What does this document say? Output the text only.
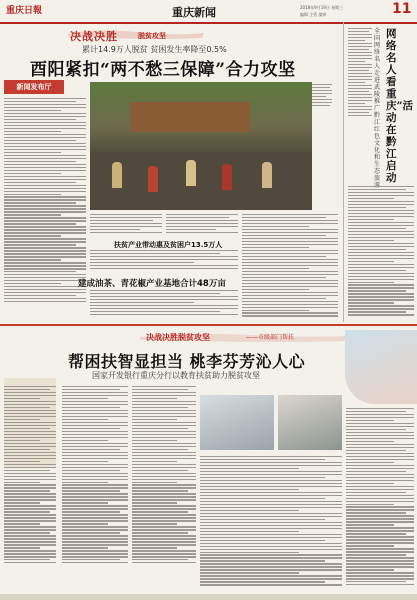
重庆日報	重庆新闻	2018年9月19日 星期三
编辑 主管 编审	11
决战决胜	脱贫攻坚
累计14.9万人脱贫 贫困发生率降至0.5%
酉阳紧扣“两不愁三保障”合力攻坚
新闻发布厅
扶贫产业带动惠及贫困户13.5万人
建成油茶、青花椒产业基地合计48万亩
全国网络名人走进武陵 推广黔江红色文化和生态旅
网络名人看重庆”活动在黔江启动
决战决胜脱贫攻坚	——市级部门帮扶
帮困扶智显担当 桃李芬芳沁人心
国家开发银行重庆分行以教育扶贫助力脱贫攻坚
